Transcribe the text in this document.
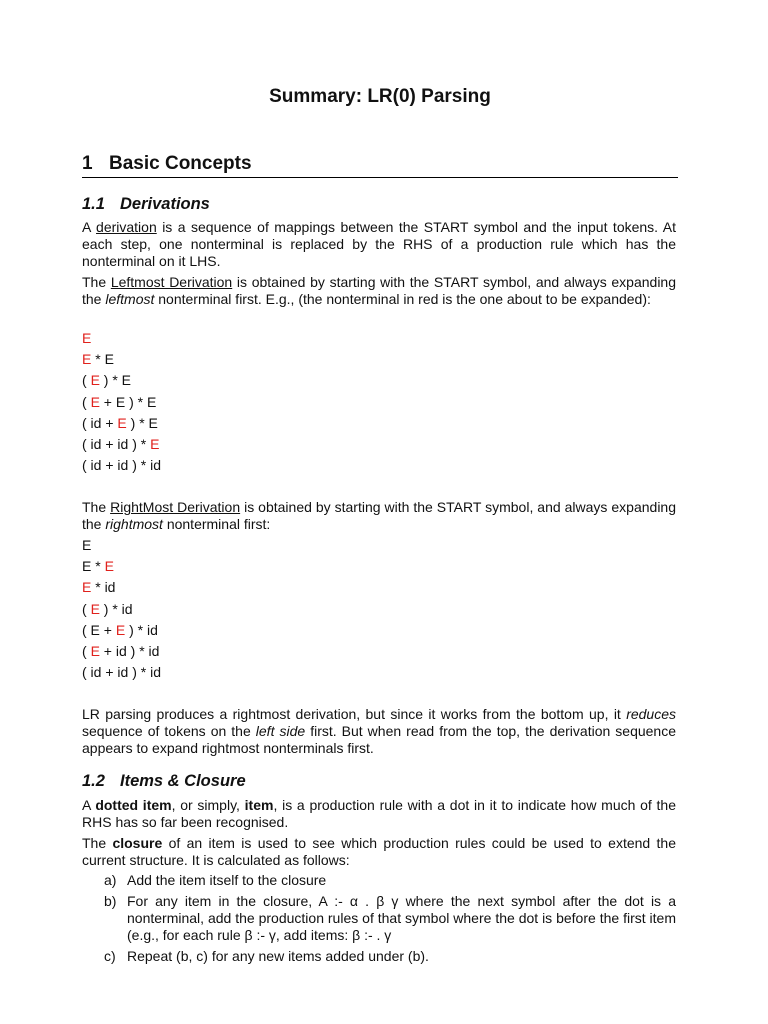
Summary: LR(0) Parsing
1 Basic Concepts
1.1 Derivations

A derivation is a sequence of mappings between the START symbol and the input tokens. At each step, one nonterminal is replaced by the RHS of a production rule which has the nonterminal on it LHS.

The Leftmost Derivation is obtained by starting with the START symbol, and always expanding the leftmost nonterminal first. E.g., (the nonterminal in red is the one about to be expanded):

E
E * E
( E ) * E
( E + E ) * E
( id + E ) * E
( id + id ) * E
( id + id ) * id

The RightMost Derivation is obtained by starting with the START symbol, and always expanding the rightmost nonterminal first:

E
E * E
E * id
( E ) * id
( E + E ) * id
( E + id ) * id
( id + id ) * id

LR parsing produces a rightmost derivation, but since it works from the bottom up, it reduces sequence of tokens on the left side first. But when read from the top, the derivation sequence appears to expand rightmost nonterminals first.

1.2 Items & Closure

A dotted item, or simply, item, is a production rule with a dot in it to indicate how much of the RHS has so far been recognised.

The closure of an item is used to see which production rules could be used to extend the current structure. It is calculated as follows:

a) Add the item itself to the closure
b) For any item in the closure, A :- α . β γ where the next symbol after the dot is a nonterminal, add the production rules of that symbol where the dot is before the first item (e.g., for each rule β :- γ, add items: β :- . γ
c) Repeat (b, c) for any new items added under (b).
